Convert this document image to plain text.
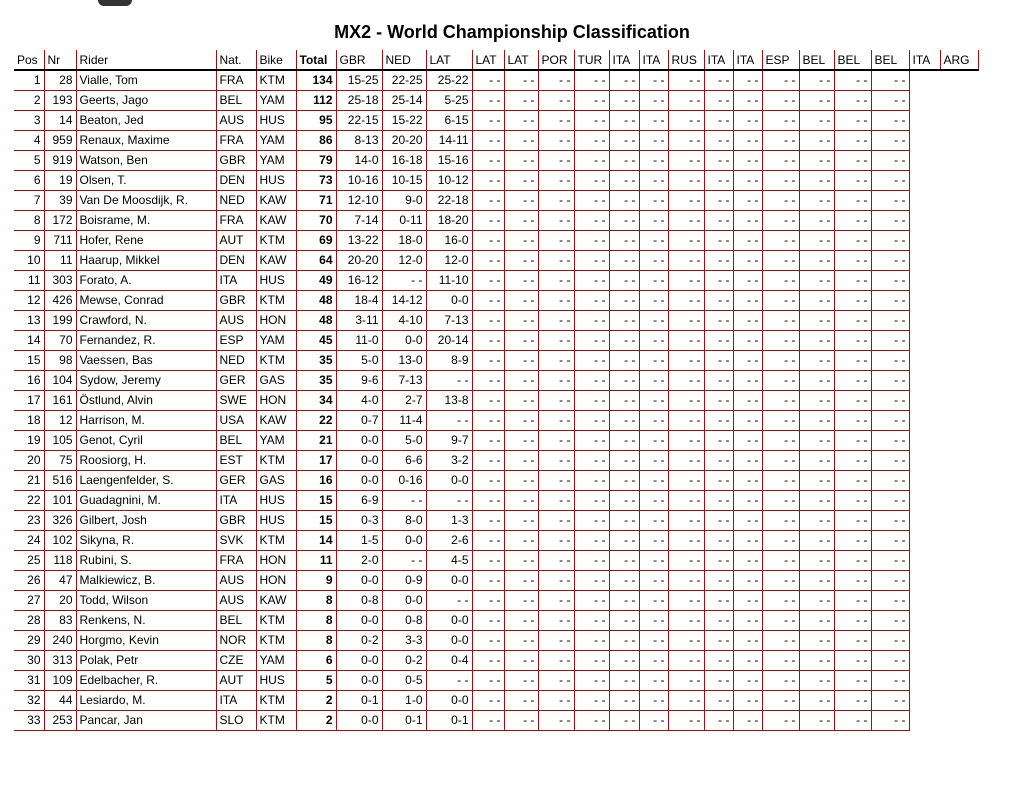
MX2 - World Championship Classification
Pos	Nr	Rider	Nat.	Bike	Total	GBR	NED	LAT	LAT	LAT	POR	TUR	ITA	ITA	RUS	ITA	ITA	ESP	BEL	BEL	BEL	ITA	ARG
1	28	Vialle, Tom	FRA	KTM	134	15-25	22-25	25-22	- -	- -	- -	- -	- -	- -	- -	- -	- -	- -	- -	- -	- -		
2	193	Geerts, Jago	BEL	YAM	112	25-18	25-14	5-25	- -	- -	- -	- -	- -	- -	- -	- -	- -	- -	- -	- -	- -		
3	14	Beaton, Jed	AUS	HUS	95	22-15	15-22	6-15	- -	- -	- -	- -	- -	- -	- -	- -	- -	- -	- -	- -	- -		
4	959	Renaux, Maxime	FRA	YAM	86	8-13	20-20	14-11	- -	- -	- -	- -	- -	- -	- -	- -	- -	- -	- -	- -	- -		
5	919	Watson, Ben	GBR	YAM	79	14-0	16-18	15-16	- -	- -	- -	- -	- -	- -	- -	- -	- -	- -	- -	- -	- -		
6	19	Olsen, T.	DEN	HUS	73	10-16	10-15	10-12	- -	- -	- -	- -	- -	- -	- -	- -	- -	- -	- -	- -	- -		
7	39	Van De Moosdijk, R.	NED	KAW	71	12-10	9-0	22-18	- -	- -	- -	- -	- -	- -	- -	- -	- -	- -	- -	- -	- -		
8	172	Boisrame, M.	FRA	KAW	70	7-14	0-11	18-20	- -	- -	- -	- -	- -	- -	- -	- -	- -	- -	- -	- -	- -		
9	711	Hofer, Rene	AUT	KTM	69	13-22	18-0	16-0	- -	- -	- -	- -	- -	- -	- -	- -	- -	- -	- -	- -	- -		
10	11	Haarup, Mikkel	DEN	KAW	64	20-20	12-0	12-0	- -	- -	- -	- -	- -	- -	- -	- -	- -	- -	- -	- -	- -		
11	303	Forato, A.	ITA	HUS	49	16-12	- -	11-10	- -	- -	- -	- -	- -	- -	- -	- -	- -	- -	- -	- -	- -		
12	426	Mewse, Conrad	GBR	KTM	48	18-4	14-12	0-0	- -	- -	- -	- -	- -	- -	- -	- -	- -	- -	- -	- -	- -		
13	199	Crawford, N.	AUS	HON	48	3-11	4-10	7-13	- -	- -	- -	- -	- -	- -	- -	- -	- -	- -	- -	- -	- -		
14	70	Fernandez, R.	ESP	YAM	45	11-0	0-0	20-14	- -	- -	- -	- -	- -	- -	- -	- -	- -	- -	- -	- -	- -		
15	98	Vaessen, Bas	NED	KTM	35	5-0	13-0	8-9	- -	- -	- -	- -	- -	- -	- -	- -	- -	- -	- -	- -	- -		
16	104	Sydow, Jeremy	GER	GAS	35	9-6	7-13	- -	- -	- -	- -	- -	- -	- -	- -	- -	- -	- -	- -	- -	- -		
17	161	Östlund, Alvin	SWE	HON	34	4-0	2-7	13-8	- -	- -	- -	- -	- -	- -	- -	- -	- -	- -	- -	- -	- -		
18	12	Harrison, M.	USA	KAW	22	0-7	11-4	- -	- -	- -	- -	- -	- -	- -	- -	- -	- -	- -	- -	- -	- -		
19	105	Genot, Cyril	BEL	YAM	21	0-0	5-0	9-7	- -	- -	- -	- -	- -	- -	- -	- -	- -	- -	- -	- -	- -		
20	75	Roosiorg, H.	EST	KTM	17	0-0	6-6	3-2	- -	- -	- -	- -	- -	- -	- -	- -	- -	- -	- -	- -	- -		
21	516	Laengenfelder, S.	GER	GAS	16	0-0	0-16	0-0	- -	- -	- -	- -	- -	- -	- -	- -	- -	- -	- -	- -	- -		
22	101	Guadagnini, M.	ITA	HUS	15	6-9	- -	- -	- -	- -	- -	- -	- -	- -	- -	- -	- -	- -	- -	- -	- -		
23	326	Gilbert, Josh	GBR	HUS	15	0-3	8-0	1-3	- -	- -	- -	- -	- -	- -	- -	- -	- -	- -	- -	- -	- -		
24	102	Sikyna, R.	SVK	KTM	14	1-5	0-0	2-6	- -	- -	- -	- -	- -	- -	- -	- -	- -	- -	- -	- -	- -		
25	118	Rubini, S.	FRA	HON	11	2-0	- -	4-5	- -	- -	- -	- -	- -	- -	- -	- -	- -	- -	- -	- -	- -		
26	47	Malkiewicz, B.	AUS	HON	9	0-0	0-9	0-0	- -	- -	- -	- -	- -	- -	- -	- -	- -	- -	- -	- -	- -		
27	20	Todd, Wilson	AUS	KAW	8	0-8	0-0	- -	- -	- -	- -	- -	- -	- -	- -	- -	- -	- -	- -	- -	- -		
28	83	Renkens, N.	BEL	KTM	8	0-0	0-8	0-0	- -	- -	- -	- -	- -	- -	- -	- -	- -	- -	- -	- -	- -		
29	240	Horgmo, Kevin	NOR	KTM	8	0-2	3-3	0-0	- -	- -	- -	- -	- -	- -	- -	- -	- -	- -	- -	- -	- -		
30	313	Polak, Petr	CZE	YAM	6	0-0	0-2	0-4	- -	- -	- -	- -	- -	- -	- -	- -	- -	- -	- -	- -	- -		
31	109	Edelbacher, R.	AUT	HUS	5	0-0	0-5	- -	- -	- -	- -	- -	- -	- -	- -	- -	- -	- -	- -	- -	- -		
32	44	Lesiardo, M.	ITA	KTM	2	0-1	1-0	0-0	- -	- -	- -	- -	- -	- -	- -	- -	- -	- -	- -	- -	- -		
33	253	Pancar, Jan	SLO	KTM	2	0-0	0-1	0-1	- -	- -	- -	- -	- -	- -	- -	- -	- -	- -	- -	- -	- -		
